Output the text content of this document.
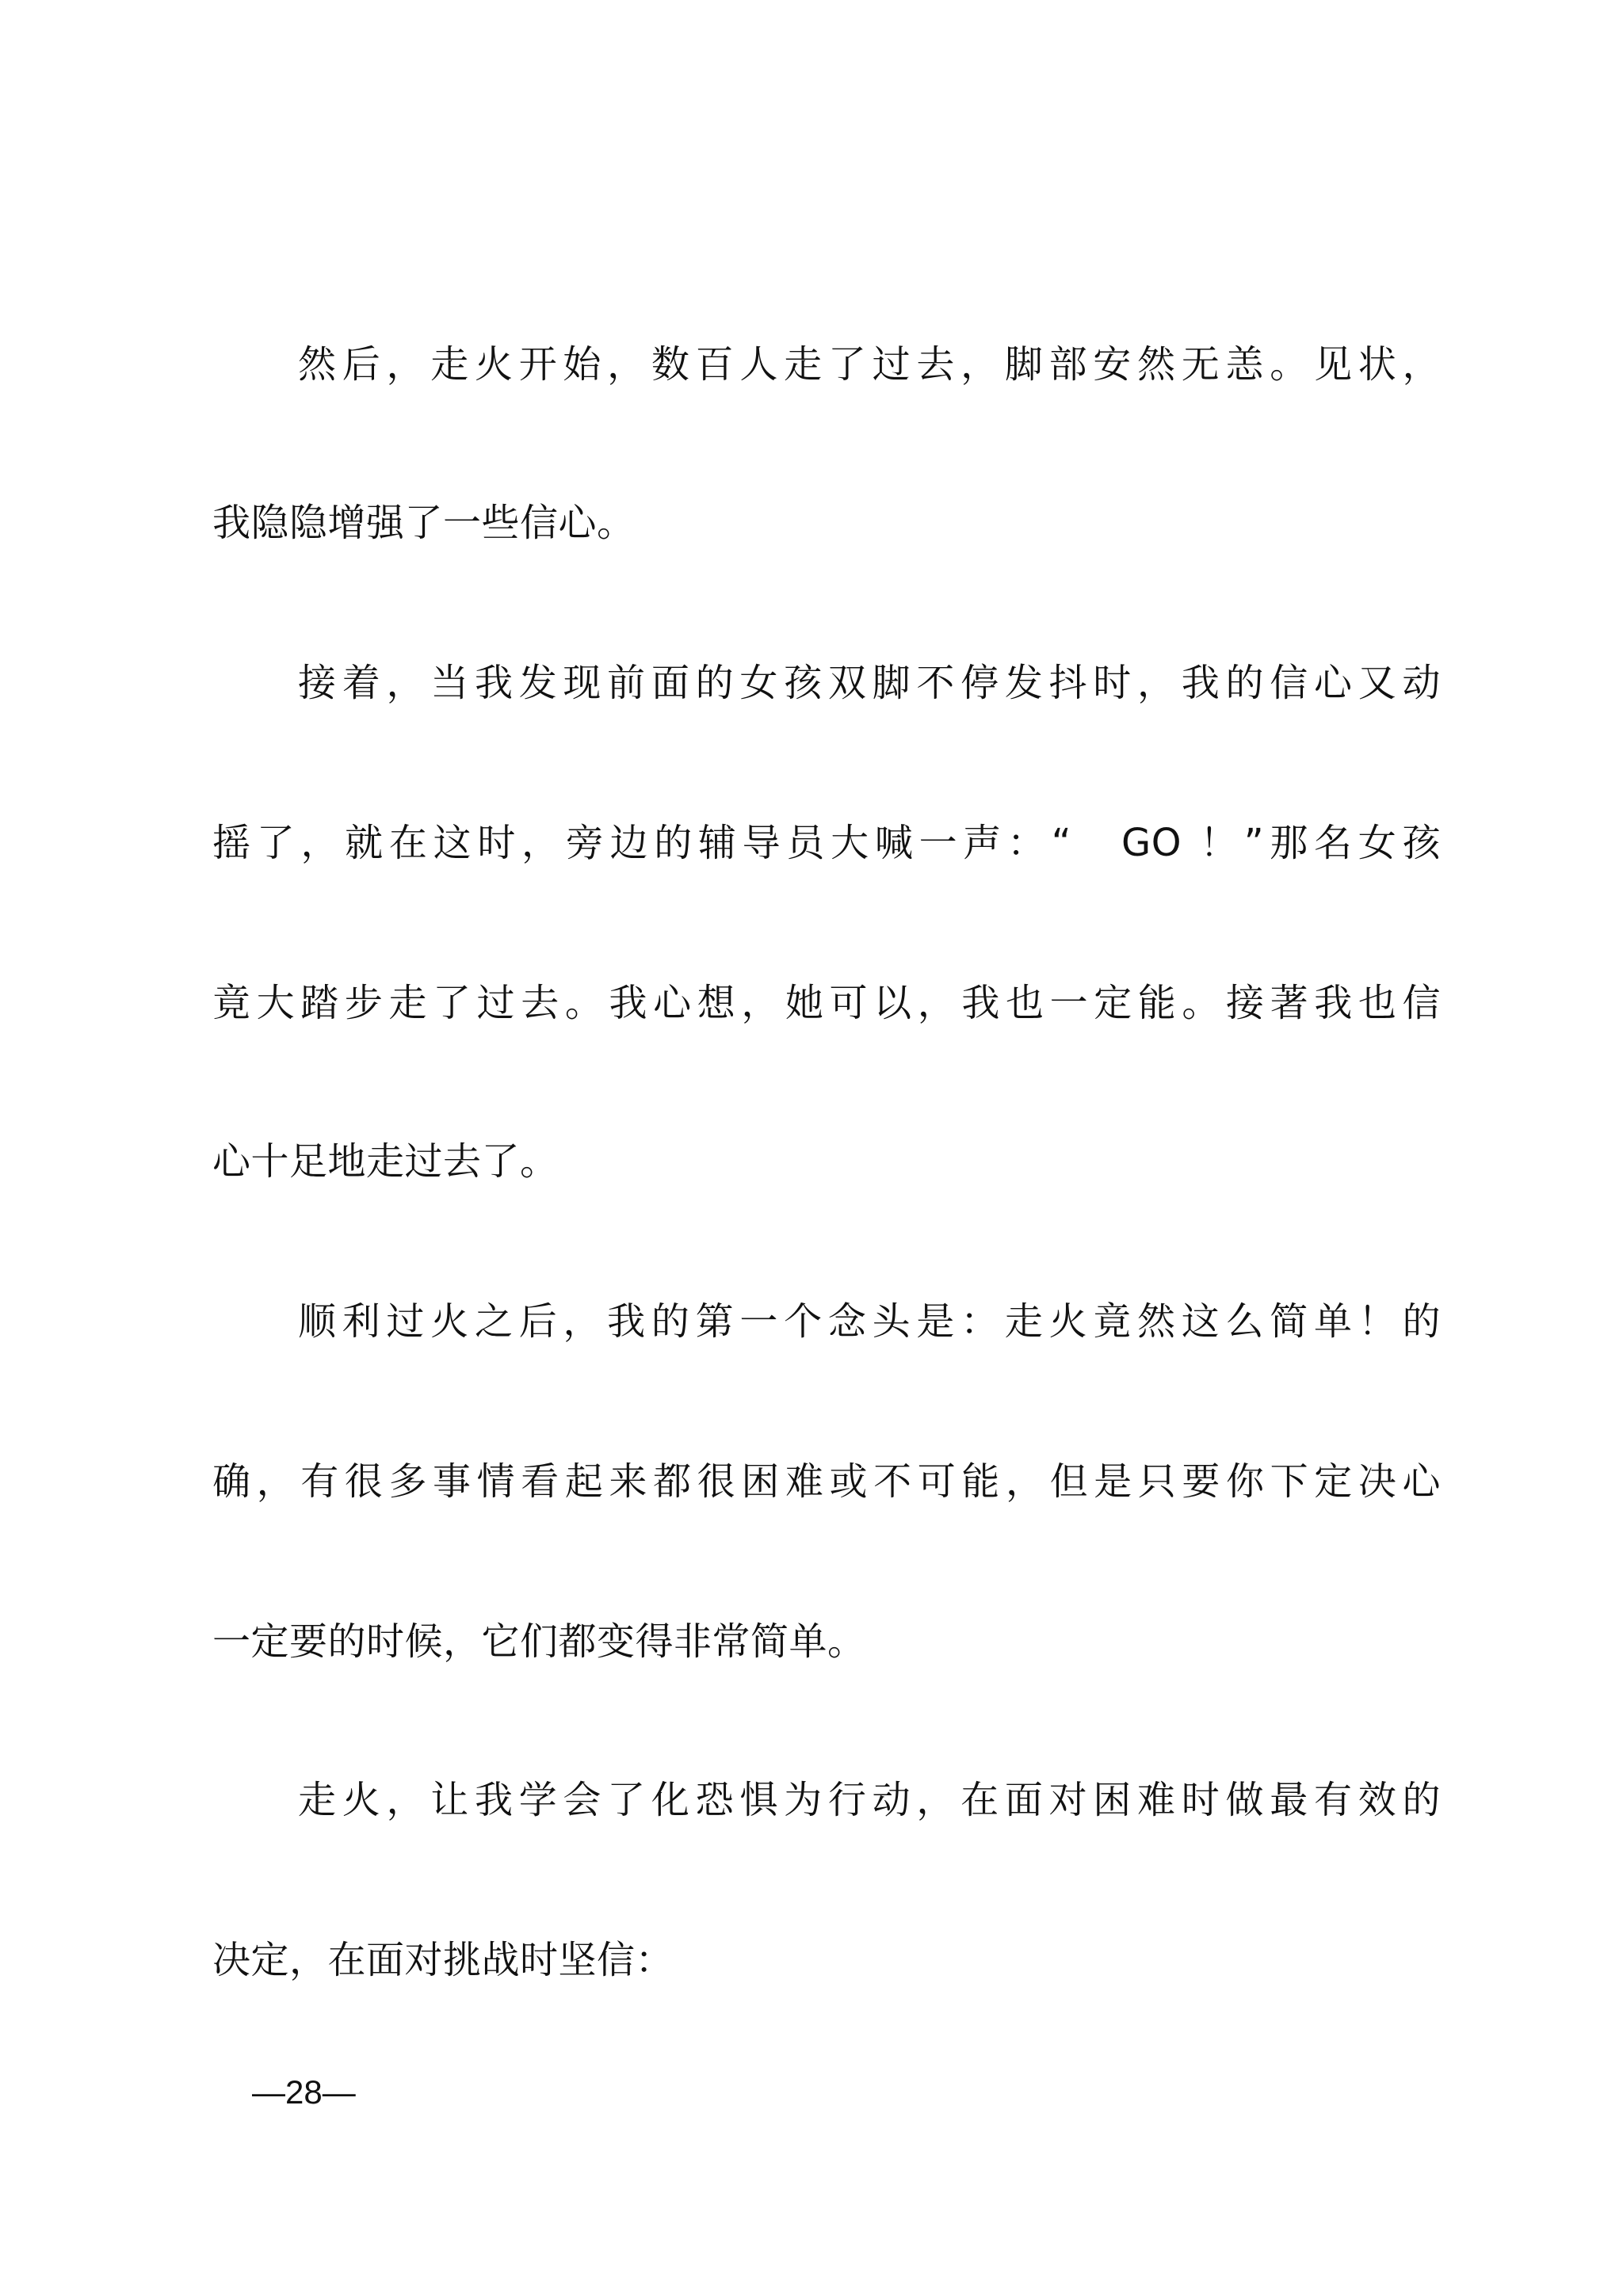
然后，走火开始，数百人走了过去，脚部安然无恙。见状，
我隐隐增强了一些信心。
接着，当我发现前面的女孩双脚不停发抖时，我的信心又动
摇了，就在这时，旁边的辅导员大喊一声：“　GO ！”那名女孩
竟大踏步走了过去。我心想，她可以，我也一定能。接著我也信
心十足地走过去了。
顺利过火之后，我的第一个念头是：走火竟然这么简单！的
确，有很多事情看起来都很困难或不可能，但是只要你下定决心
一定要的时候，它们都变得非常简单。
走火，让我学会了化恐惧为行动，在面对困难时做最有效的
决定，在面对挑战时坚信：
—28—
